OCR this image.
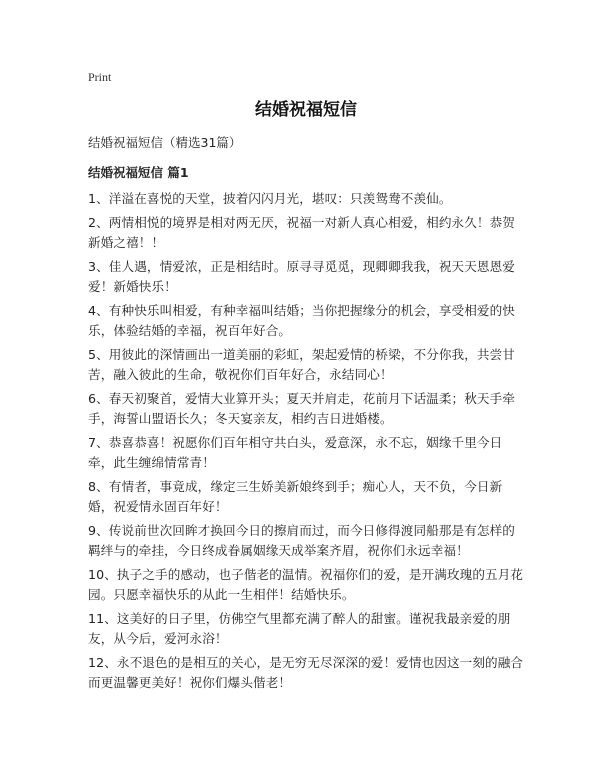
Print
结婚祝福短信

结婚祝福短信（精选31篇）

结婚祝福短信 篇1

1、洋溢在喜悦的天堂，披着闪闪月光，堪叹：只羡鸳鸯不羡仙。

2、两情相悦的境界是相对两无厌，祝福一对新人真心相爱，相约永久！恭贺新婚之禧！！

3、佳人遇，情爱浓，正是相结时。原寻寻觅觅，现卿卿我我，祝天天恩恩爱爱！新婚快乐！

4、有种快乐叫相爱，有种幸福叫结婚；当你把握缘分的机会，享受相爱的快乐，体验结婚的幸福，祝百年好合。

5、用彼此的深情画出一道美丽的彩虹，架起爱情的桥梁，不分你我，共尝甘苦，融入彼此的生命，敬祝你们百年好合，永结同心！

6、春天初聚首，爱情大业算开头；夏天并肩走，花前月下话温柔；秋天手牵手，海誓山盟语长久；冬天宴亲友，相约吉日进婚楼。

7、恭喜恭喜！祝愿你们百年相守共白头，爱意深，永不忘，姻缘千里今日牵，此生缠绵情常青！

8、有情者，事竟成，缘定三生娇美新娘终到手；痴心人，天不负，今日新婚，祝爱情永固百年好！

9、传说前世次回眸才换回今日的擦肩而过，而今日修得渡同船那是有怎样的羁绊与的牵挂，今日终成眷属姻缘天成举案齐眉，祝你们永远幸福！

10、执子之手的感动，也子偕老的温情。祝福你们的爱，是开满玫瑰的五月花园。只愿幸福快乐的从此一生相伴！结婚快乐。

11、这美好的日子里，仿佛空气里都充满了醉人的甜蜜。谨祝我最亲爱的朋友，从今后，爱河永浴！

12、永不退色的是相互的关心，是无穷无尽深深的爱！爱情也因这一刻的融合而更温馨更美好！祝你们爆头偕老！
